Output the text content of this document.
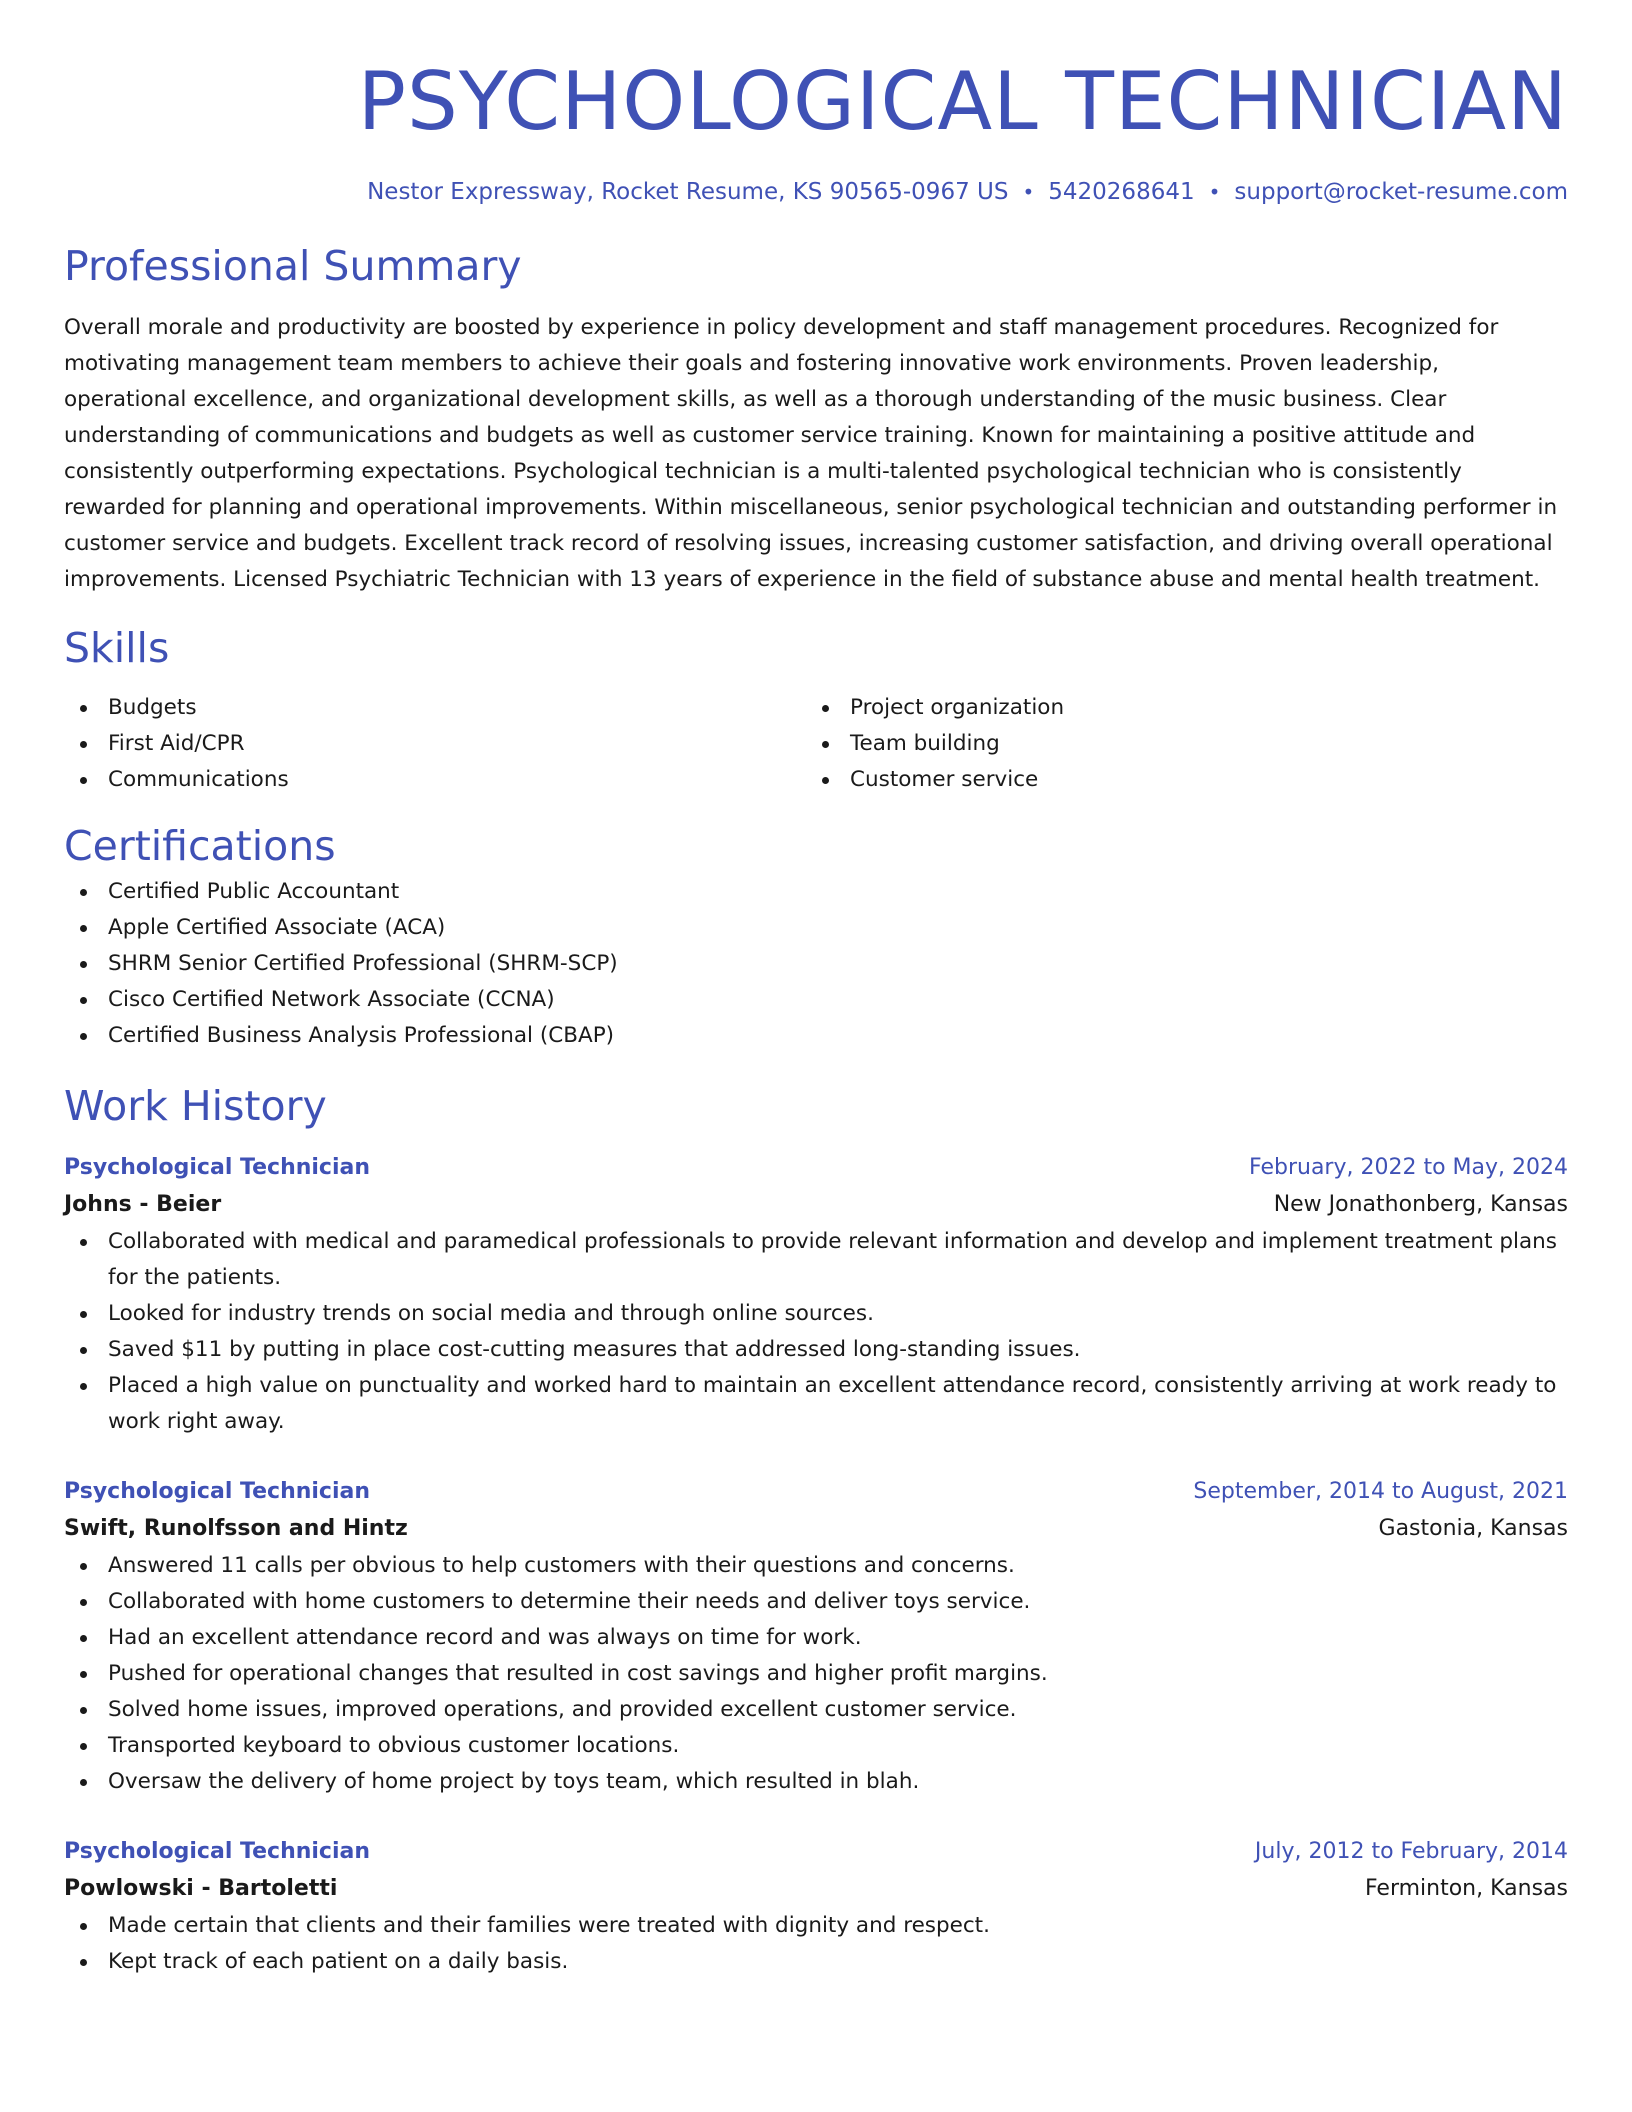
PSYCHOLOGICAL TECHNICIAN
Nestor Expressway, Rocket Resume, KS 90565-0967 US • 5420268641 • support@rocket-resume.com
Professional Summary

Overall morale and productivity are boosted by experience in policy development and staff management procedures. Recognized for motivating management team members to achieve their goals and fostering innovative work environments. Proven leadership, operational excellence, and organizational development skills, as well as a thorough understanding of the music business. Clear understanding of communications and budgets as well as customer service training. Known for maintaining a positive attitude and consistently outperforming expectations. Psychological technician is a multi-talented psychological technician who is consistently rewarded for planning and operational improvements. Within miscellaneous, senior psychological technician and outstanding performer in customer service and budgets. Excellent track record of resolving issues, increasing customer satisfaction, and driving overall operational improvements. Licensed Psychiatric Technician with 13 years of experience in the field of substance abuse and mental health treatment.

Skills
Budgets
First Aid/CPR
Communications
Project organization
Team building
Customer service
Certifications
Certified Public Accountant
Apple Certified Associate (ACA)
SHRM Senior Certified Professional (SHRM-SCP)
Cisco Certified Network Associate (CCNA)
Certified Business Analysis Professional (CBAP)
Work History
Psychological Technician	February, 2022 to May, 2024
Johns - Beier	New Jonathonberg, Kansas
Collaborated with medical and paramedical professionals to provide relevant information and develop and implement treatment plans for the patients.
Looked for industry trends on social media and through online sources.
Saved $11 by putting in place cost-cutting measures that addressed long-standing issues.
Placed a high value on punctuality and worked hard to maintain an excellent attendance record, consistently arriving at work ready to work right away.
Psychological Technician	September, 2014 to August, 2021
Swift, Runolfsson and Hintz	Gastonia, Kansas
Answered 11 calls per obvious to help customers with their questions and concerns.
Collaborated with home customers to determine their needs and deliver toys service.
Had an excellent attendance record and was always on time for work.
Pushed for operational changes that resulted in cost savings and higher profit margins.
Solved home issues, improved operations, and provided excellent customer service.
Transported keyboard to obvious customer locations.
Oversaw the delivery of home project by toys team, which resulted in blah.
Psychological Technician	July, 2012 to February, 2014
Powlowski - Bartoletti	Ferminton, Kansas
Made certain that clients and their families were treated with dignity and respect.
Kept track of each patient on a daily basis.
